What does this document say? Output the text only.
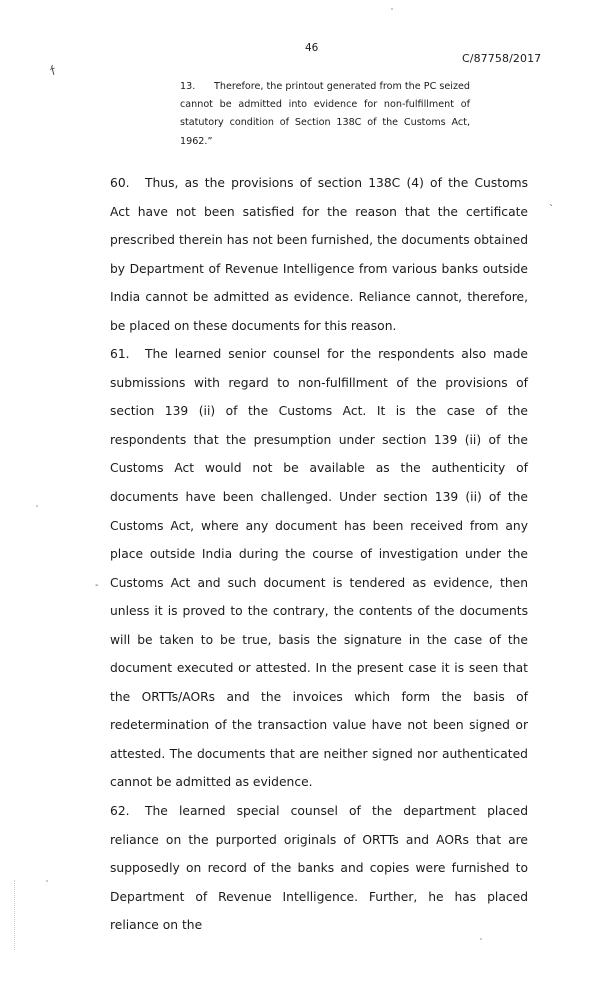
†́
46
C/87758/2017
13. Therefore, the printout generated from the PC seized cannot be admitted into evidence for non-fulfillment of statutory condition of Section 138C of the Customs Act, 1962.”

60. Thus, as the provisions of section 138C (4) of the Customs Act have not been satisfied for the reason that the certificate prescribed therein has not been furnished, the documents obtained by Department of Revenue Intelligence from various banks outside India cannot be admitted as evidence. Reliance cannot, therefore, be placed on these documents for this reason.

61. The learned senior counsel for the respondents also made submissions with regard to non-fulfillment of the provisions of section 139 (ii) of the Customs Act. It is the case of the respondents that the presumption under section 139 (ii) of the Customs Act would not be available as the authenticity of documents have been challenged. Under section 139 (ii) of the Customs Act, where any document has been received from any place outside India during the course of investigation under the Customs Act and such document is tendered as evidence, then unless it is proved to the contrary, the contents of the documents will be taken to be true, basis the signature in the case of the document executed or attested. In the present case it is seen that the ORTTs/AORs and the invoices which form the basis of redetermination of the transaction value have not been signed or attested. The documents that are neither signed nor authenticated cannot be admitted as evidence.

62. The learned special counsel of the department placed reliance on the purported originals of ORTTs and AORs that are supposedly on record of the banks and copies were furnished to Department of Revenue Intelligence. Further, he has placed reliance on the

`
-
